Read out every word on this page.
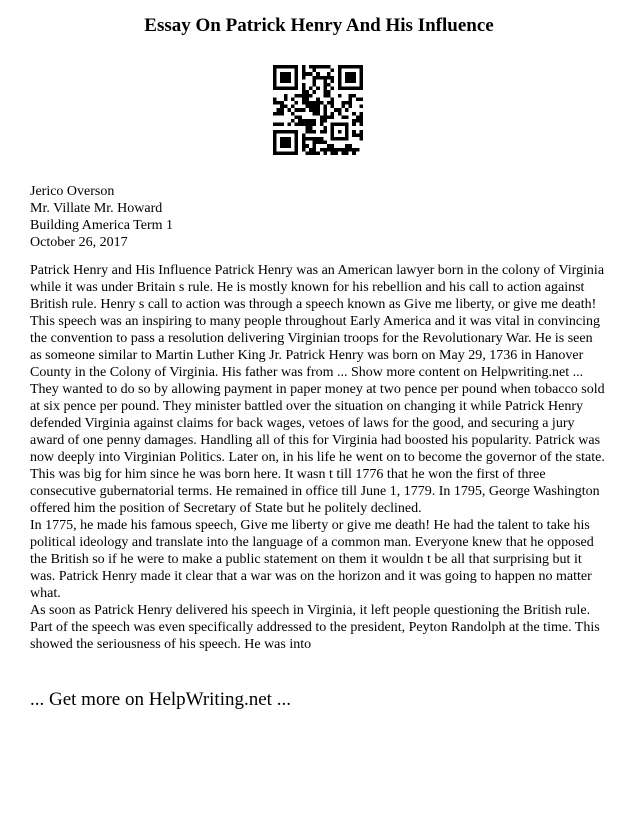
Essay On Patrick Henry And His Influence
Jerico Overson
Mr. Villate Mr. Howard
Building America Term 1
October 26, 2017

Patrick Henry and His Influence Patrick Henry was an American lawyer born in the colony of Virginia while it was under Britain s rule. He is mostly known for his rebellion and his call to action against British rule. Henry s call to action was through a speech known as Give me liberty, or give me death! This speech was an inspiring to many people throughout Early America and it was vital in convincing the convention to pass a resolution delivering Virginian troops for the Revolutionary War. He is seen as someone similar to Martin Luther King Jr. Patrick Henry was born on May 29, 1736 in Hanover County in the Colony of Virginia. His father was from ... Show more content on Helpwriting.net ... They wanted to do so by allowing payment in paper money at two pence per pound when tobacco sold at six pence per pound. They minister battled over the situation on changing it while Patrick Henry defended Virginia against claims for back wages, vetoes of laws for the good, and securing a jury award of one penny damages. Handling all of this for Virginia had boosted his popularity. Patrick was now deeply into Virginian Politics. Later on, in his life he went on to become the governor of the state. This was big for him since he was born here. It wasn t till 1776 that he won the first of three consecutive gubernatorial terms. He remained in office till June 1, 1779. In 1795, George Washington offered him the position of Secretary of State but he politely declined.

In 1775, he made his famous speech, Give me liberty or give me death! He had the talent to take his political ideology and translate into the language of a common man. Everyone knew that he opposed the British so if he were to make a public statement on them it wouldn t be all that surprising but it was. Patrick Henry made it clear that a war was on the horizon and it was going to happen no matter what.

As soon as Patrick Henry delivered his speech in Virginia, it left people questioning the British rule. Part of the speech was even specifically addressed to the president, Peyton Randolph at the time. This showed the seriousness of his speech. He was into

... Get more on HelpWriting.net ...
